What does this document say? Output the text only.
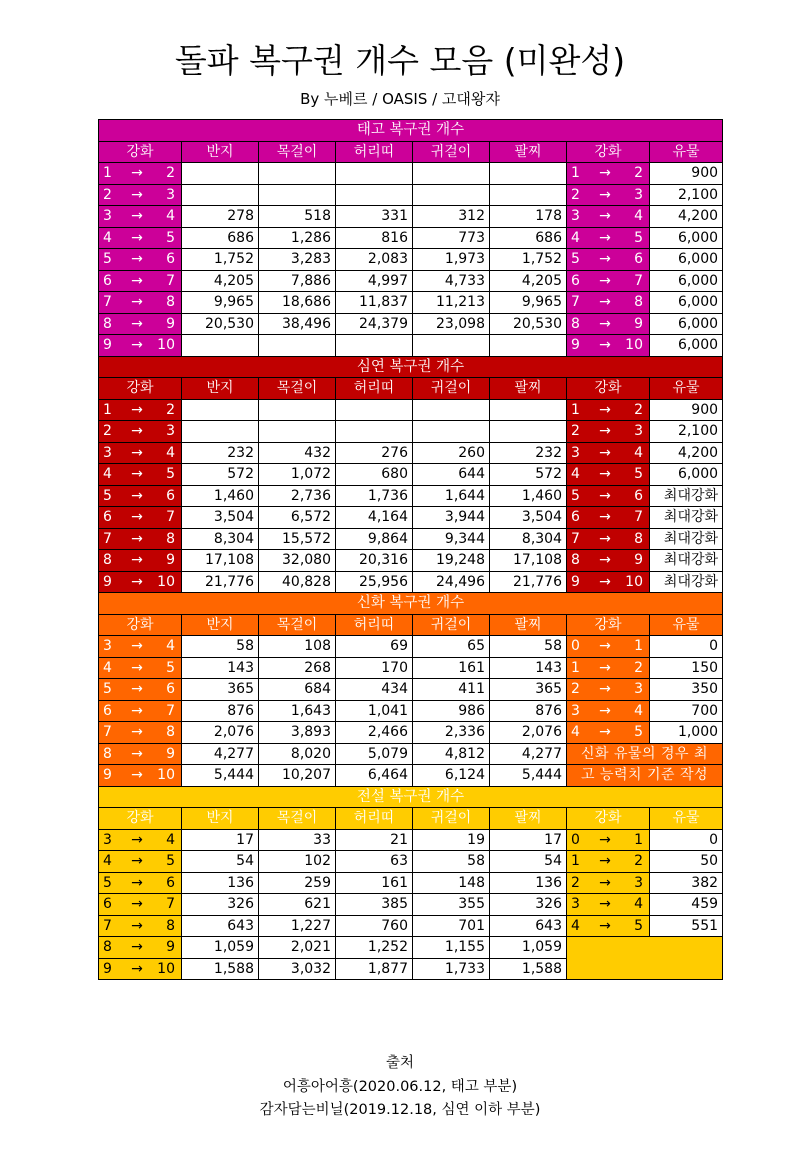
돌파 복구권 개수 모음 (미완성)
By 누베르 / OASIS / 고대왕쟈
태고 복구권 개수							
강화	반지	목걸이	허리띠	귀걸이	팔찌	강화	유물
1 → 2						1 → 2	900
2 → 3						2 → 3	2,100
3 → 4	278	518	331	312	178	3 → 4	4,200
4 → 5	686	1,286	816	773	686	4 → 5	6,000
5 → 6	1,752	3,283	2,083	1,973	1,752	5 → 6	6,000
6 → 7	4,205	7,886	4,997	4,733	4,205	6 → 7	6,000
7 → 8	9,965	18,686	11,837	11,213	9,965	7 → 8	6,000
8 → 9	20,530	38,496	24,379	23,098	20,530	8 → 9	6,000
9 → 10						9 → 10	6,000
심연 복구권 개수							
강화	반지	목걸이	허리띠	귀걸이	팔찌	강화	유물
1 → 2						1 → 2	900
2 → 3						2 → 3	2,100
3 → 4	232	432	276	260	232	3 → 4	4,200
4 → 5	572	1,072	680	644	572	4 → 5	6,000
5 → 6	1,460	2,736	1,736	1,644	1,460	5 → 6	최대강화
6 → 7	3,504	6,572	4,164	3,944	3,504	6 → 7	최대강화
7 → 8	8,304	15,572	9,864	9,344	8,304	7 → 8	최대강화
8 → 9	17,108	32,080	20,316	19,248	17,108	8 → 9	최대강화
9 → 10	21,776	40,828	25,956	24,496	21,776	9 → 10	최대강화
신화 복구권 개수							
강화	반지	목걸이	허리띠	귀걸이	팔찌	강화	유물
3 → 4	58	108	69	65	58	0 → 1	0
4 → 5	143	268	170	161	143	1 → 2	150
5 → 6	365	684	434	411	365	2 → 3	350
6 → 7	876	1,643	1,041	986	876	3 → 4	700
7 → 8	2,076	3,893	2,466	2,336	2,076	4 → 5	1,000
8 → 9	4,277	8,020	5,079	4,812	4,277	신화 유물의 경우 최	
9 → 10	5,444	10,207	6,464	6,124	5,444	고 능력치 기준 작성	
전설 복구권 개수							
강화	반지	목걸이	허리띠	귀걸이	팔찌	강화	유물
3 → 4	17	33	21	19	17	0 → 1	0
4 → 5	54	102	63	58	54	1 → 2	50
5 → 6	136	259	161	148	136	2 → 3	382
6 → 7	326	621	385	355	326	3 → 4	459
7 → 8	643	1,227	760	701	643	4 → 5	551
8 → 9	1,059	2,021	1,252	1,155	1,059		
9 → 10	1,588	3,032	1,877	1,733	1,588		
출처
어흥아어흥(2020.06.12, 태고 부분)
감자담는비닐(2019.12.18, 심연 이하 부분)
